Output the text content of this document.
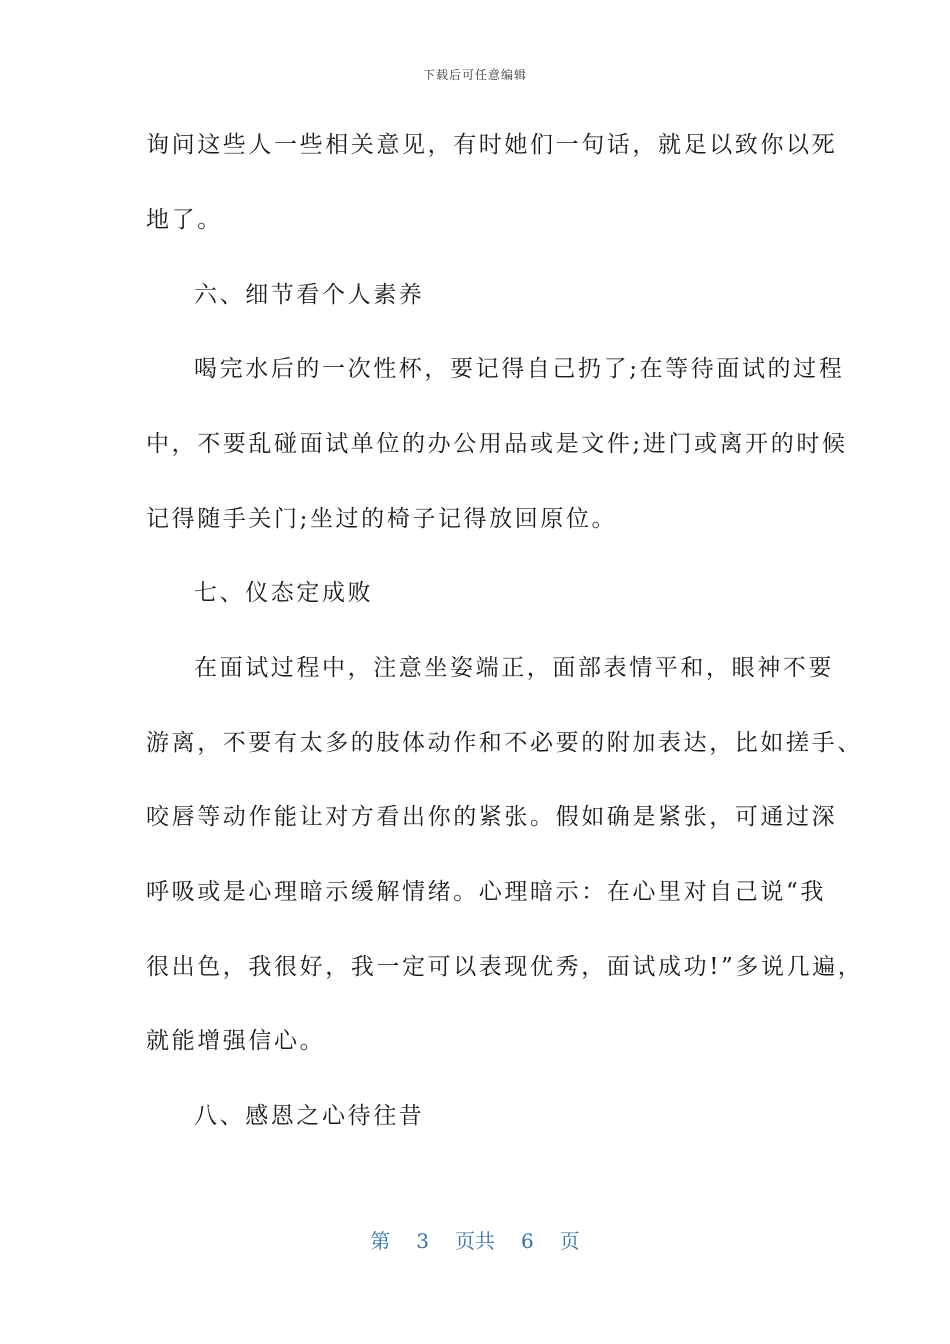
下载后可任意编辑
询问这些人一些相关意见，有时她们一句话，就足以致你以死
地了。
六、细节看个人素养
喝完水后的一次性杯，要记得自己扔了;在等待面试的过程
中，不要乱碰面试单位的办公用品或是文件;进门或离开的时候
记得随手关门;坐过的椅子记得放回原位。
七、仪态定成败
在面试过程中，注意坐姿端正，面部表情平和，眼神不要
游离，不要有太多的肢体动作和不必要的附加表达，比如搓手、
咬唇等动作能让对方看出你的紧张。假如确是紧张，可通过深
呼吸或是心理暗示缓解情绪。心理暗示：在心里对自己说“我
很出色，我很好，我一定可以表现优秀，面试成功!”多说几遍，
就能增强信心。
八、感恩之心待往昔
第 3 页共 6 页
